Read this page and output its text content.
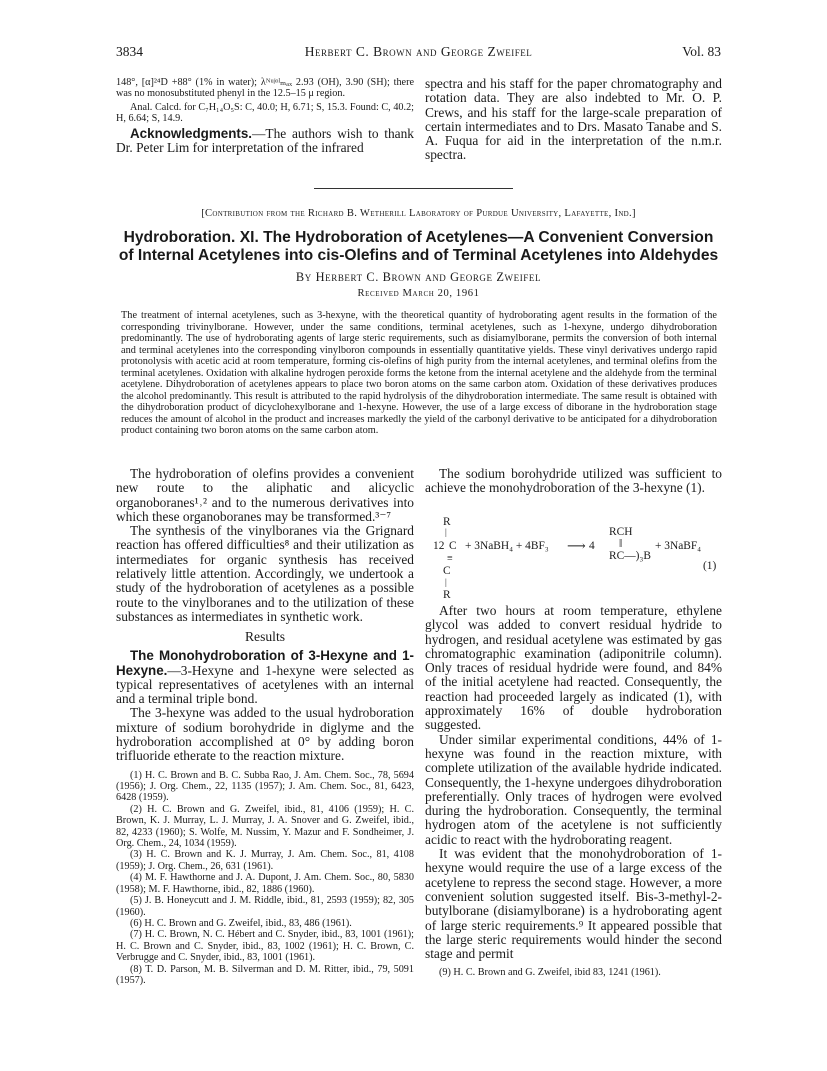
3834	Herbert C. Brown and George Zweifel	Vol. 83

148°, [α]²⁴D +88° (1% in water); λᴺᵘʲᵒˡₘₐₓ 2.93 (OH), 3.90 (SH); there was no monosubstituted phenyl in the 12.5–15 μ region.

Anal. Calcd. for C₇H₁₄O₅S: C, 40.0; H, 6.71; S, 15.3. Found: C, 40.2; H, 6.64; S, 14.9.

Acknowledgments.—The authors wish to thank Dr. Peter Lim for interpretation of the infrared

spectra and his staff for the paper chromatography and rotation data. They are also indebted to Mr. O. P. Crews, and his staff for the large-scale preparation of certain intermediates and to Drs. Masato Tanabe and S. A. Fuqua for aid in the interpretation of the n.m.r. spectra.
[Contribution from the Richard B. Wetherill Laboratory of Purdue University, Lafayette, Ind.]
Hydroboration. XI. The Hydroboration of Acetylenes—A Convenient Conversion of Internal Acetylenes into cis-Olefins and of Terminal Acetylenes into Aldehydes
By Herbert C. Brown and George Zweifel
Received March 20, 1961
The treatment of internal acetylenes, such as 3-hexyne, with the theoretical quantity of hydroborating agent results in the formation of the corresponding trivinylborane. However, under the same conditions, terminal acetylenes, such as 1-hexyne, undergo dihydroboration predominantly. The use of hydroborating agents of large steric requirements, such as disiamylborane, permits the conversion of both internal and terminal acetylenes into the corresponding vinylboron compounds in essentially quantitative yields. These vinyl derivatives undergo rapid protonolysis with acetic acid at room temperature, forming cis-olefins of high purity from the internal acetylenes, and terminal olefins from the terminal acetylenes. Oxidation with alkaline hydrogen peroxide forms the ketone from the internal acetylene and the aldehyde from the terminal acetylene. Dihydroboration of acetylenes appears to place two boron atoms on the same carbon atom. Oxidation of these derivatives produces the alcohol predominantly. This result is attributed to the rapid hydrolysis of the dihydroboration intermediate. The same result is obtained with the dihydroboration product of dicyclohexylborane and 1-hexyne. However, the use of a large excess of diborane in the hydroboration stage reduces the amount of alcohol in the product and increases markedly the yield of the carbonyl derivative to be anticipated for a dihydroboration product containing two boron atoms on the same carbon atom.

The hydroboration of olefins provides a convenient new route to the aliphatic and alicyclic organoboranes¹˒² and to the numerous derivatives into which these organoboranes may be transformed.³⁻⁷

The synthesis of the vinylboranes via the Grignard reaction has offered difficulties⁸ and their utilization as intermediates for organic synthesis has received relatively little attention. Accordingly, we undertook a study of the hydroboration of acetylenes as a possible route to the vinylboranes and to the utilization of these substances as intermediates in synthetic work.

Results

The Monohydroboration of 3-Hexyne and 1-Hexyne.—3-Hexyne and 1-hexyne were selected as typical representatives of acetylenes with an internal and a terminal triple bond.

The 3-hexyne was added to the usual hydroboration mixture of sodium borohydride in diglyme and the hydroboration accomplished at 0° by adding boron trifluoride etherate to the reaction mixture.

(1) H. C. Brown and B. C. Subba Rao, J. Am. Chem. Soc., 78, 5694 (1956); J. Org. Chem., 22, 1135 (1957); J. Am. Chem. Soc., 81, 6423, 6428 (1959).

(2) H. C. Brown and G. Zweifel, ibid., 81, 4106 (1959); H. C. Brown, K. J. Murray, L. J. Murray, J. A. Snover and G. Zweifel, ibid., 82, 4233 (1960); S. Wolfe, M. Nussim, Y. Mazur and F. Sondheimer, J. Org. Chem., 24, 1034 (1959).

(3) H. C. Brown and K. J. Murray, J. Am. Chem. Soc., 81, 4108 (1959); J. Org. Chem., 26, 631 (1961).

(4) M. F. Hawthorne and J. A. Dupont, J. Am. Chem. Soc., 80, 5830 (1958); M. F. Hawthorne, ibid., 82, 1886 (1960).

(5) J. B. Honeycutt and J. M. Riddle, ibid., 81, 2593 (1959); 82, 305 (1960).

(6) H. C. Brown and G. Zweifel, ibid., 83, 486 (1961).

(7) H. C. Brown, N. C. Hébert and C. Snyder, ibid., 83, 1001 (1961); H. C. Brown and C. Snyder, ibid., 83, 1002 (1961); H. C. Brown, C. Verbrugge and C. Snyder, ibid., 83, 1001 (1961).

(8) T. D. Parson, M. B. Silverman and D. M. Ritter, ibid., 79, 5091 (1957).

The sodium borohydride utilized was sufficient to achieve the monohydroboration of the 3-hexyne (1).

R
|
12 C + 3NaBH₄ + 4BF₃ ⟶ 4
RCH
‖
RC—)₃B
+ 3NaBF₄
≡
C
|
R
(1)

After two hours at room temperature, ethylene glycol was added to convert residual hydride to hydrogen, and residual acetylene was estimated by gas chromatographic examination (adiponitrile column). Only traces of residual hydride were found, and 84% of the initial acetylene had reacted. Consequently, the reaction had proceeded largely as indicated (1), with approximately 16% of double hydroboration suggested.

Under similar experimental conditions, 44% of 1-hexyne was found in the reaction mixture, with complete utilization of the available hydride indicated. Consequently, the 1-hexyne undergoes dihydroboration preferentially. Only traces of hydrogen were evolved during the hydroboration. Consequently, the terminal hydrogen atom of the acetylene is not sufficiently acidic to react with the hydroborating reagent.

It was evident that the monohydroboration of 1-hexyne would require the use of a large excess of the acetylene to repress the second stage. However, a more convenient solution suggested itself. Bis-3-methyl-2-butylborane (disiamylborane) is a hydroborating agent of large steric requirements.⁹ It appeared possible that the large steric requirements would hinder the second stage and permit

(9) H. C. Brown and G. Zweifel, ibid 83, 1241 (1961).
